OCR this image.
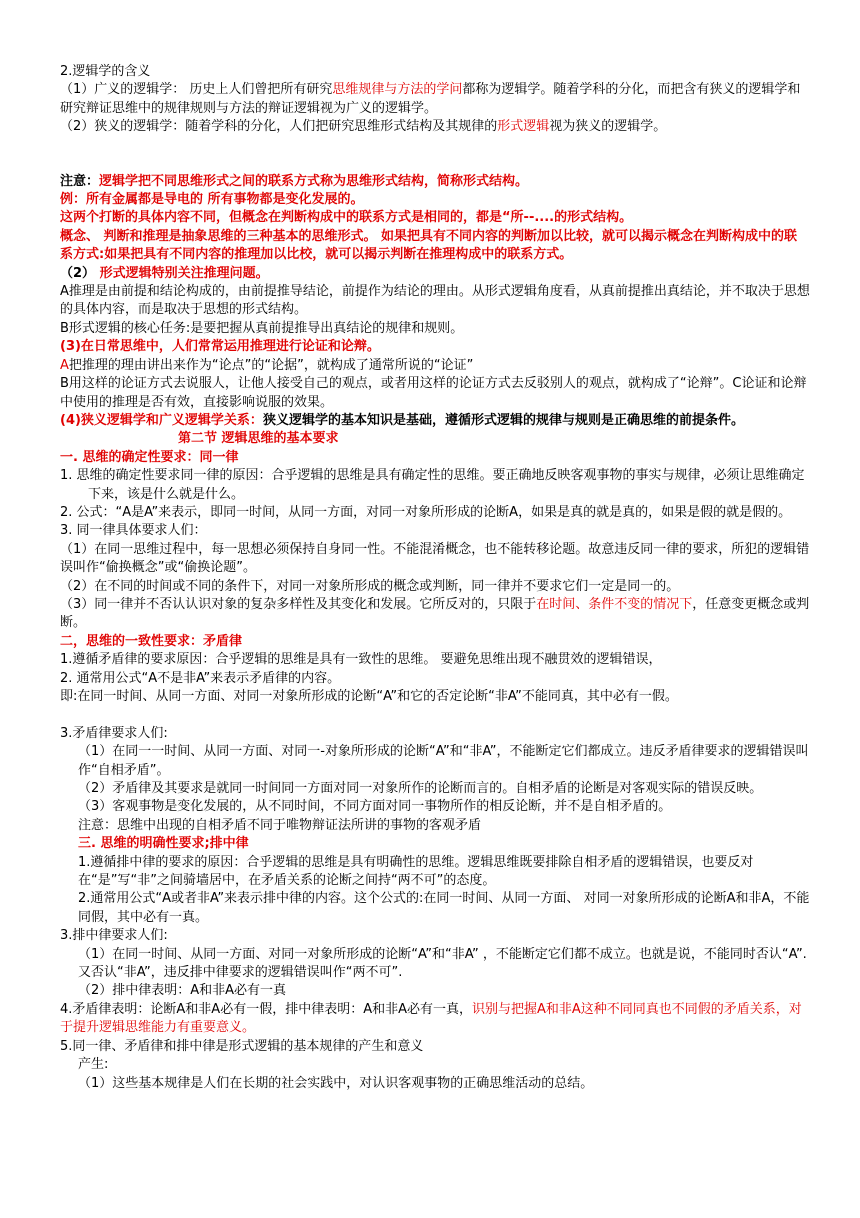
2.逻辑学的含义

（1）广义的逻辑学： 历史上人们曾把所有研究思维规律与方法的学问都称为逻辑学。随着学科的分化，而把含有狭义的逻辑学和研究辩证思维中的规律规则与方法的辩证逻辑视为广义的逻辑学。

（2）狭义的逻辑学：随着学科的分化，人们把研究思维形式结构及其规律的形式逻辑视为狭义的逻辑学。

注意：逻辑学把不同思维形式之间的联系方式称为思维形式结构，简称形式结构。

例：所有金属都是导电的 所有事物都是变化发展的。

这两个打断的具体内容不同，但概念在判断构成中的联系方式是相同的，都是“所--....的形式结构。

概念、 判断和推理是抽象思维的三种基本的思维形式。 如果把具有不同内容的判断加以比较，就可以揭示概念在判断构成中的联系方式:如果把具有不同内容的推理加以比校，就可以揭示判断在推理构成中的联系方式。

（2） 形式逻辑特别关注推理问题。

A推理是由前提和结论构成的，由前提推导结论，前提作为结论的理由。从形式逻辑角度看，从真前提推出真结论，并不取决于思想的具体内容，而是取决于思想的形式结构。

B形式逻辑的核心任务:是要把握从真前提推导出真结论的规律和规则。

(3)在日常思维中，人们常常运用推理进行论证和论辩。

A把推理的理由讲出来作为“论点”的“论据”，就构成了通常所说的“论证”

B用这样的论证方式去说服人，让他人接受自己的观点，或者用这样的论证方式去反驳别人的观点，就构成了“论辩”。C论证和论辩中使用的推理是否有效，直接影响说服的效果。

(4)狭义逻辑学和广义逻辑学关系：狭义逻辑学的基本知识是基础，遵循形式逻辑的规律与规则是正确思维的前提条件。

第二节 逻辑思维的基本要求

一. 思维的确定性要求：同一律

1. 思维的确定性要求同一律的原因：合乎逻辑的思维是具有确定性的思维。要正确地反映客观事物的事实与规律，必须让思维确定下来，该是什么就是什么。

2. 公式：“A是A”来表示，即同一时间，从同一方面，对同一对象所形成的论断A，如果是真的就是真的，如果是假的就是假的。

3. 同一律具体要求人们：

（1）在同一思维过程中，每一思想必须保持自身同一性。不能混淆概念，也不能转移论题。故意违反同一律的要求，所犯的逻辑错误叫作“偷换概念”或“偷换论题”。

（2）在不同的时间或不同的条件下，对同一对象所形成的概念或判断，同一律并不要求它们一定是同一的。

（3）同一律并不否认认识对象的复杂多样性及其变化和发展。它所反对的，只限于在时间、条件不变的情况下，任意变更概念或判断。

二，思维的一致性要求：矛盾律

1.遵循矛盾律的要求原因：合乎逻辑的思维是具有一致性的思维。 要避免思维出现不融贯效的逻辑错误，

2. 通常用公式“A不是非A”来表示矛盾律的内容。

即:在同一时间、从同一方面、对同一对象所形成的论断“A”和它的否定论断“非A”不能同真，其中必有一假。

3.矛盾律要求人们:

（1）在同一一时间、从同一方面、对同一-对象所形成的论断“A”和“非A”，不能断定它们都成立。违反矛盾律要求的逻辑错误叫作“自相矛盾”。

（2）矛盾律及其要求是就同一时间同一方面对同一对象所作的论断而言的。自相矛盾的论断是对客观实际的错误反映。

（3）客观事物是变化发展的，从不同时间，不同方面对同一事物所作的相反论断，并不是自相矛盾的。

注意：思维中出现的自相矛盾不同于唯物辩证法所讲的事物的客观矛盾

三. 思维的明确性要求;排中律

1.遵循排中律的要求的原因：合乎逻辑的思维是具有明确性的思维。逻辑思维既要排除自相矛盾的逻辑错误，也要反对在“是”写“非”之间骑墙居中，在矛盾关系的论断之间持“两不可”的态度。

2.通常用公式“A或者非A”来表示排中律的内容。这个公式的:在同一时间、从同一方面、 对同一对象所形成的论断A和非A，不能同假，其中必有一真。

3.排中律要求人们:

（1）在同一时间、从同一方面、对同一对象所形成的论断“A”和“非A” ，不能断定它们都不成立。也就是说，不能同时否认“A”.又否认“非A”，违反排中律要求的逻辑错误叫作“两不可”.

（2）排中律表明：A和非A必有一真

4.矛盾律表明：论断A和非A必有一假，排中律表明：A和非A必有一真，识别与把握A和非A这种不同同真也不同假的矛盾关系，对于提升逻辑思维能力有重要意义。

5.同一律、矛盾律和排中律是形式逻辑的基本规律的产生和意义

产生:

（1）这些基本规律是人们在长期的社会实践中，对认识客观事物的正确思维活动的总结。
